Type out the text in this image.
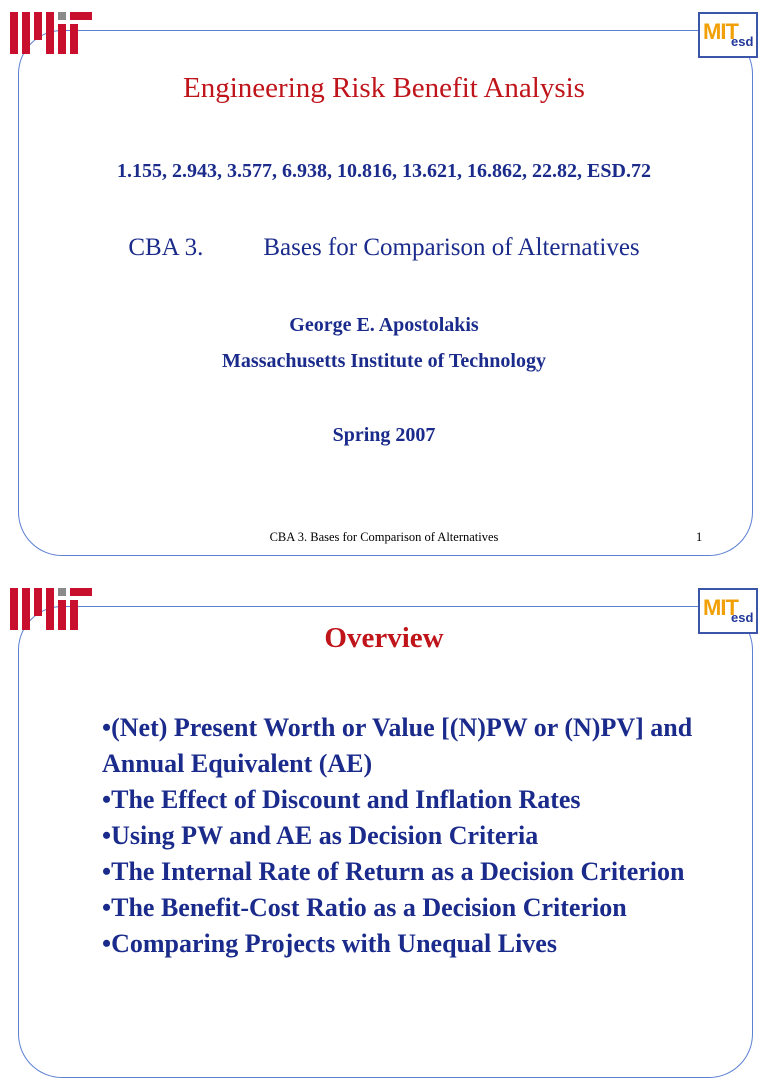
MIT
esd
Engineering Risk Benefit Analysis
1.155, 2.943, 3.577, 6.938, 10.816, 13.621, 16.862, 22.82, ESD.72
CBA 3. Bases for Comparison of Alternatives
George E. Apostolakis
Massachusetts Institute of Technology
Spring 2007
CBA 3. Bases for Comparison of Alternatives	1
MIT
esd
Overview
•(Net) Present Worth or Value [(N)PW or (N)PV] and Annual Equivalent (AE)
•The Effect of Discount and Inflation Rates
•Using PW and AE as Decision Criteria
•The Internal Rate of Return as a Decision Criterion
•The Benefit-Cost Ratio as a Decision Criterion
•Comparing Projects with Unequal Lives
